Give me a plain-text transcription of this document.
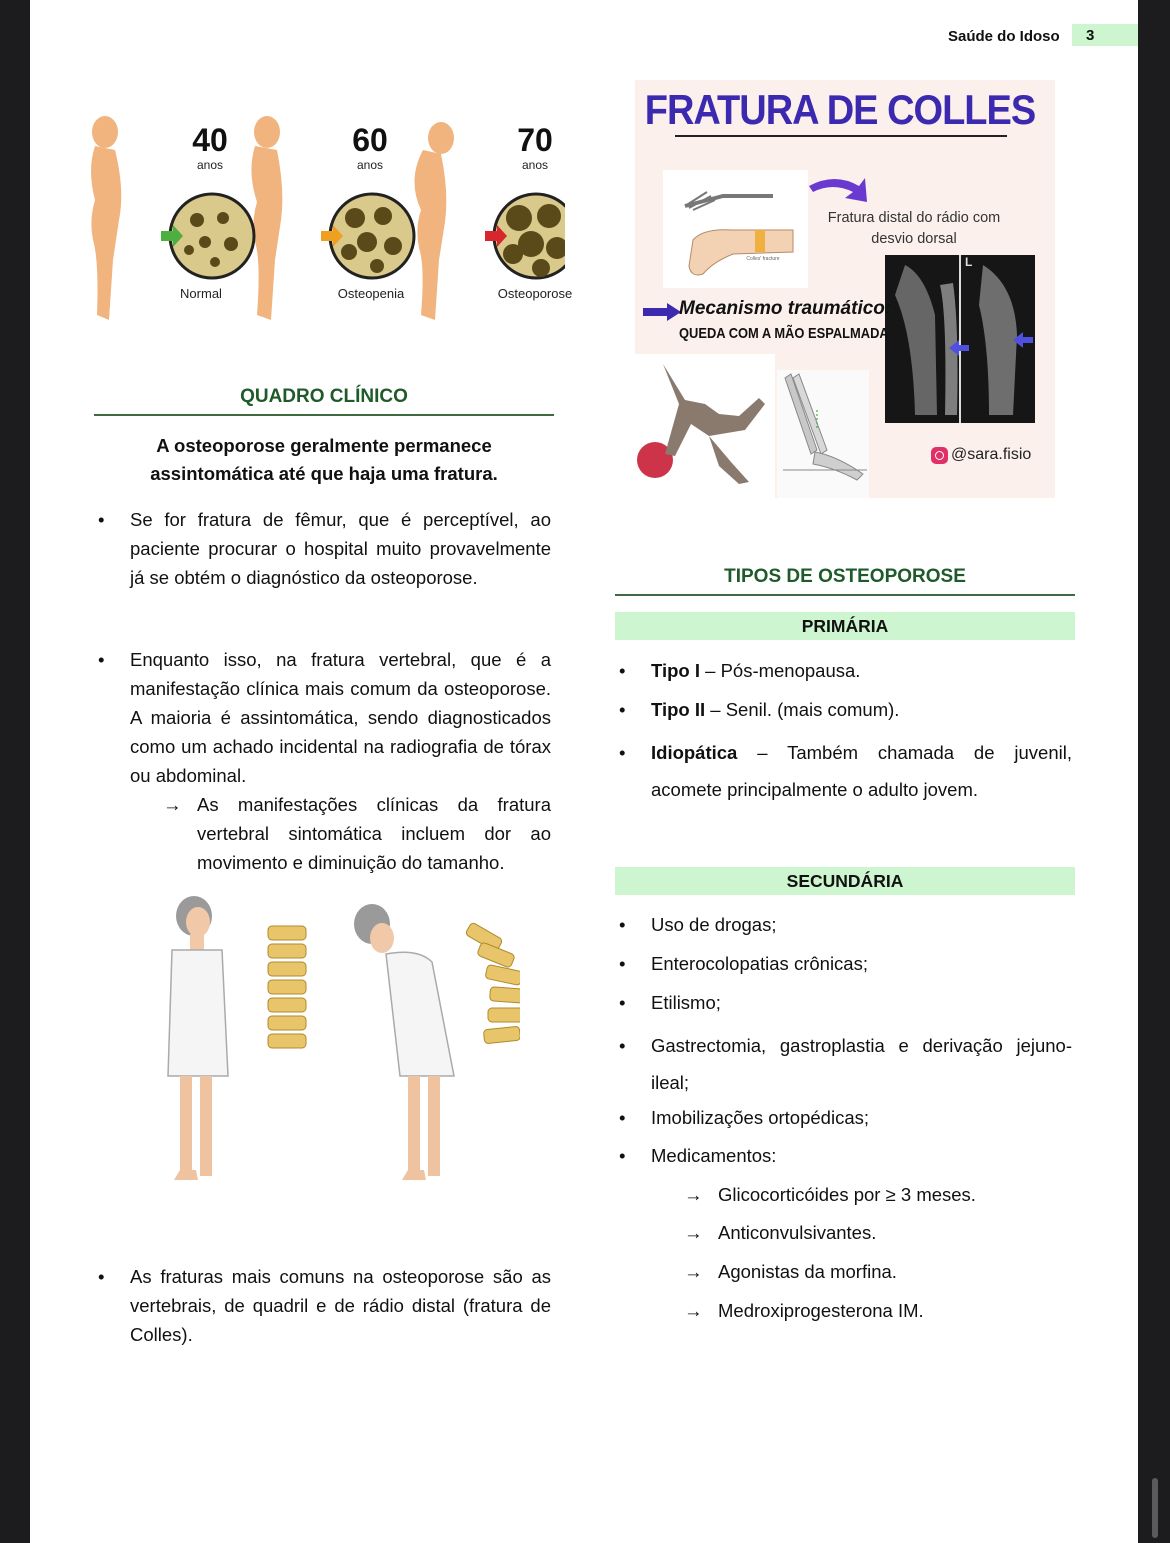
Saúde do Idoso	3
40
anos
60
anos
70
anos
Normal	Osteopenia	Osteoporose
QUADRO CLÍNICO
A osteoporose geralmente permanece assintomática até que haja uma fratura.
• Se for fratura de fêmur, que é perceptível, ao paciente procurar o hospital muito provavelmente já se obtém o diagnóstico da osteoporose.
• Enquanto isso, na fratura vertebral, que é a manifestação clínica mais comum da osteoporose. A maioria é assintomática, sendo diagnosticados como um achado incidental na radiografia de tórax ou abdominal.
→ As manifestações clínicas da fratura vertebral sintomática incluem dor ao movimento e diminuição do tamanho.
• As fraturas mais comuns na osteoporose são as vertebrais, de quadril e de rádio distal (fratura de Colles).
FRATURA DE COLLES
Colles' fracture
Fratura distal do rádio com desvio dorsal
L
Mecanismo traumático:
QUEDA COM A MÃO ESPALMADA
@sara.fisio
TIPOS DE OSTEOPOROSE
PRIMÁRIA
• Tipo I – Pós-menopausa.
• Tipo II – Senil. (mais comum).
• Idiopática – Também chamada de juvenil, acomete principalmente o adulto jovem.
SECUNDÁRIA
• Uso de drogas;
• Enterocolopatias crônicas;
• Etilismo;
• Gastrectomia, gastroplastia e derivação jejuno-ileal;
• Imobilizações ortopédicas;
• Medicamentos:
→ Glicocorticóides por ≥ 3 meses.
→ Anticonvulsivantes.
→ Agonistas da morfina.
→ Medroxiprogesterona IM.
